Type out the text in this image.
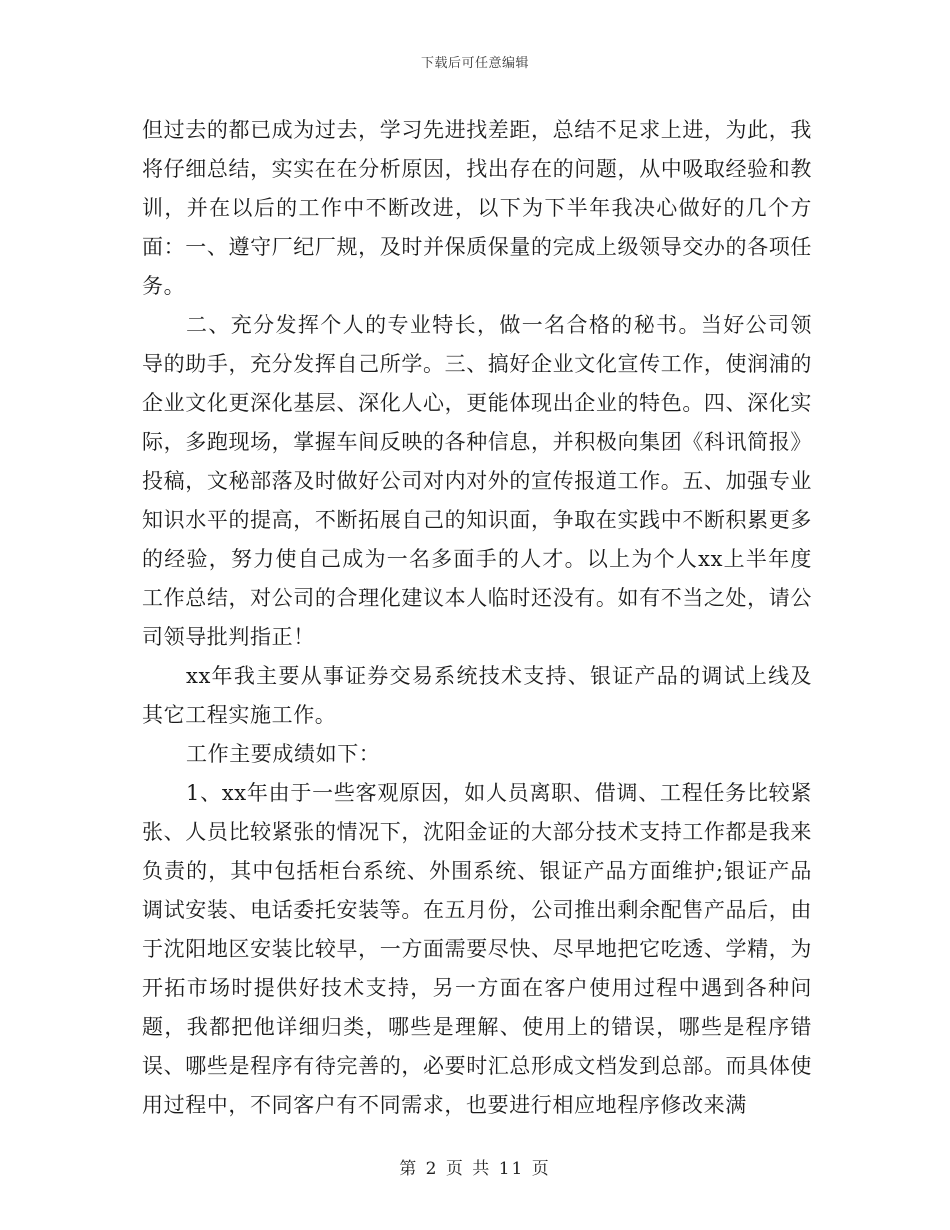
下载后可任意编辑

但过去的都已成为过去，学习先进找差距，总结不足求上进，为此，我将仔细总结，实实在在分析原因，找出存在的问题，从中吸取经验和教训，并在以后的工作中不断改进，以下为下半年我决心做好的几个方面：一、遵守厂纪厂规，及时并保质保量的完成上级领导交办的各项任务。

二、充分发挥个人的专业特长，做一名合格的秘书。当好公司领导的助手，充分发挥自己所学。三、搞好企业文化宣传工作，使润浦的企业文化更深化基层、深化人心，更能体现出企业的特色。四、深化实际，多跑现场，掌握车间反映的各种信息，并积极向集团《科讯简报》投稿，文秘部落及时做好公司对内对外的宣传报道工作。五、加强专业知识水平的提高，不断拓展自己的知识面，争取在实践中不断积累更多的经验，努力使自己成为一名多面手的人才。以上为个人xx上半年度工作总结，对公司的合理化建议本人临时还没有。如有不当之处，请公司领导批判指正！

xx年我主要从事证券交易系统技术支持、银证产品的调试上线及其它工程实施工作。

工作主要成绩如下：

1、xx年由于一些客观原因，如人员离职、借调、工程任务比较紧张、人员比较紧张的情况下，沈阳金证的大部分技术支持工作都是我来负责的，其中包括柜台系统、外围系统、银证产品方面维护;银证产品调试安装、电话委托安装等。在五月份，公司推出剩余配售产品后，由于沈阳地区安装比较早，一方面需要尽快、尽早地把它吃透、学精，为开拓市场时提供好技术支持，另一方面在客户使用过程中遇到各种问题，我都把他详细归类，哪些是理解、使用上的错误，哪些是程序错误、哪些是程序有待完善的，必要时汇总形成文档发到总部。而具体使用过程中，不同客户有不同需求，也要进行相应地程序修改来满

第 2 页 共 11 页
